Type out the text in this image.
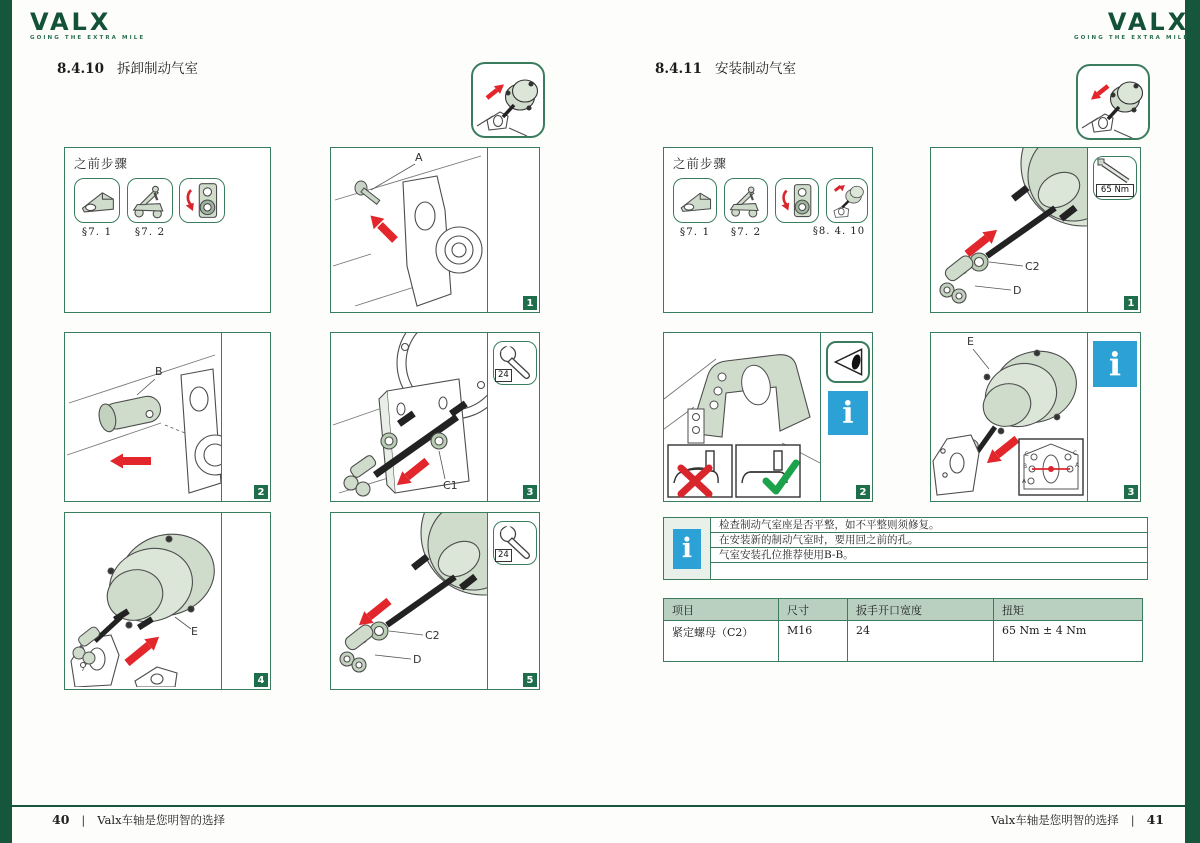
VALX
GOING THE EXTRA MILE
8.4.10 拆卸制动气室
之前步骤
§7. 1	§7. 2
A
1
B
2	C1
24
3
E
4
C2
D
24
5
VALX
GOING THE EXTRA MILE
8.4.11 安装制动气室
之前步骤
§7. 1	§7. 2	§8. 4. 10
C2
D
65 Nm
1
i
2
E
C
B
A
C
A
i
3
i
检查制动气室座是否平整，如不平整则须修复。
在安装新的制动气室时，要用回之前的孔。
气室安装孔位推荐使用B-B。
项目	尺寸	扳手开口宽度	扭矩
紧定螺母（C2）	M16	24	65 Nm ± 4 Nm
40 | Valx车轴是您明智的选择	Valx车轴是您明智的选择 | 41
